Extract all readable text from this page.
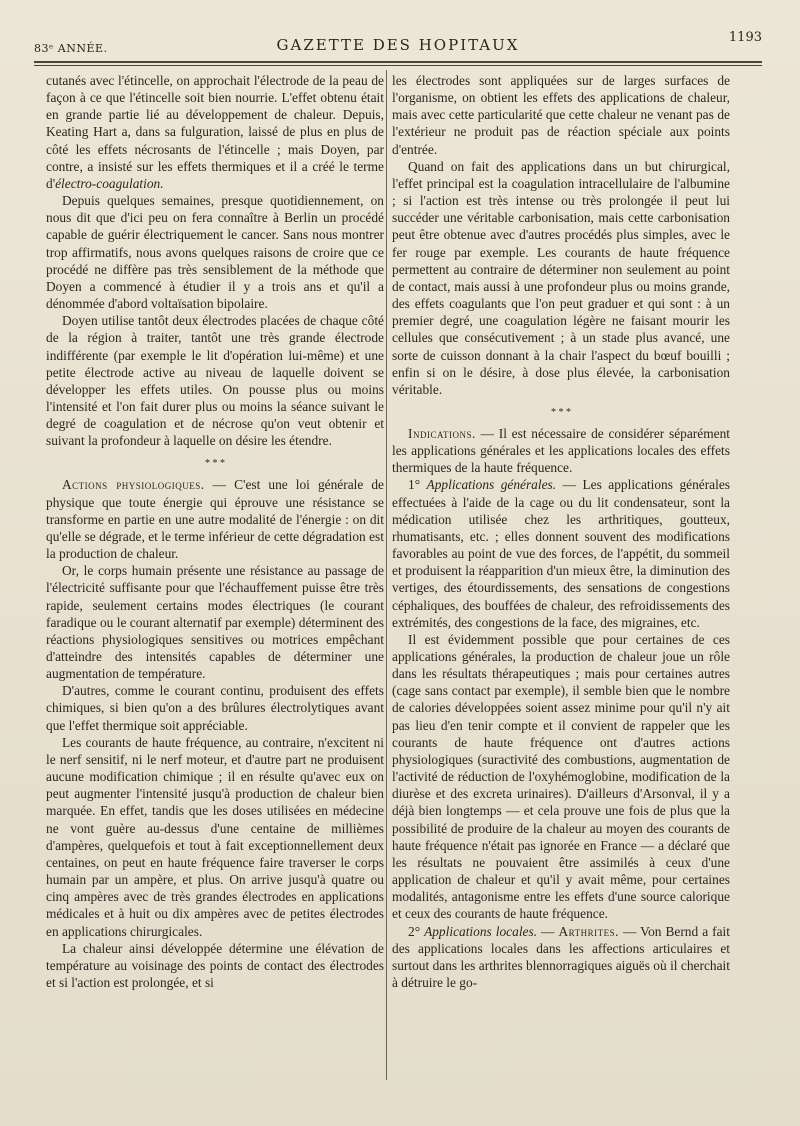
83ᵉ ANNÉE.	GAZETTE DES HOPITAUX	1193

cutanés avec l'étincelle, on approchait l'électrode de la peau de façon à ce que l'étincelle soit bien nourrie. L'effet obtenu était en grande partie lié au développement de chaleur. Depuis, Keating Hart a, dans sa fulguration, laissé de plus en plus de côté les effets nécrosants de l'étincelle ; mais Doyen, par contre, a insisté sur les effets thermiques et il a créé le terme d'électro-coagulation.

Depuis quelques semaines, presque quotidiennement, on nous dit que d'ici peu on fera connaître à Berlin un procédé capable de guérir électriquement le cancer. Sans nous montrer trop affirmatifs, nous avons quelques raisons de croire que ce procédé ne diffère pas très sensiblement de la méthode que Doyen a commencé à étudier il y a trois ans et qu'il a dénommée d'abord voltaïsation bipolaire.

Doyen utilise tantôt deux électrodes placées de chaque côté de la région à traiter, tantôt une très grande électrode indifférente (par exemple le lit d'opération lui-même) et une petite électrode active au niveau de laquelle doivent se développer les effets utiles. On pousse plus ou moins l'intensité et l'on fait durer plus ou moins la séance suivant le degré de coagulation et de nécrose qu'on veut obtenir et suivant la profondeur à laquelle on désire les étendre.

* * *

Actions physiologiques. — C'est une loi générale de physique que toute énergie qui éprouve une résistance se transforme en partie en une autre modalité de l'énergie : on dit qu'elle se dégrade, et le terme inférieur de cette dégradation est la production de chaleur.

Or, le corps humain présente une résistance au passage de l'électricité suffisante pour que l'échauffement puisse être très rapide, seulement certains modes électriques (le courant faradique ou le courant alternatif par exemple) déterminent des réactions physiologiques sensitives ou motrices empêchant d'atteindre des intensités capables de déterminer une augmentation de température.

D'autres, comme le courant continu, produisent des effets chimiques, si bien qu'on a des brûlures électrolytiques avant que l'effet thermique soit appréciable.

Les courants de haute fréquence, au contraire, n'excitent ni le nerf sensitif, ni le nerf moteur, et d'autre part ne produisent aucune modification chimique ; il en résulte qu'avec eux on peut augmenter l'intensité jusqu'à production de chaleur bien marquée. En effet, tandis que les doses utilisées en médecine ne vont guère au-dessus d'une centaine de millièmes d'ampères, quelquefois et tout à fait exceptionnellement deux centaines, on peut en haute fréquence faire traverser le corps humain par un ampère, et plus. On arrive jusqu'à quatre ou cinq ampères avec de très grandes électrodes en applications médicales et à huit ou dix ampères avec de petites électrodes en applications chirurgicales.

La chaleur ainsi développée détermine une élévation de température au voisinage des points de contact des électrodes et si l'action est prolongée, et si

les électrodes sont appliquées sur de larges surfaces de l'organisme, on obtient les effets des applications de chaleur, mais avec cette particularité que cette chaleur ne venant pas de l'extérieur ne produit pas de réaction spéciale aux points d'entrée.

Quand on fait des applications dans un but chirurgical, l'effet principal est la coagulation intracellulaire de l'albumine ; si l'action est très intense ou très prolongée il peut lui succéder une véritable carbonisation, mais cette carbonisation peut être obtenue avec d'autres procédés plus simples, avec le fer rouge par exemple. Les courants de haute fréquence permettent au contraire de déterminer non seulement au point de contact, mais aussi à une profondeur plus ou moins grande, des effets coagulants que l'on peut graduer et qui sont : à un premier degré, une coagulation légère ne faisant mourir les cellules que consécutivement ; à un stade plus avancé, une sorte de cuisson donnant à la chair l'aspect du bœuf bouilli ; enfin si on le désire, à dose plus élevée, la carbonisation véritable.

* * *

Indications. — Il est nécessaire de considérer séparément les applications générales et les applications locales des effets thermiques de la haute fréquence.

1° Applications générales. — Les applications générales effectuées à l'aide de la cage ou du lit condensateur, sont la médication utilisée chez les arthritiques, goutteux, rhumatisants, etc. ; elles donnent souvent des modifications favorables au point de vue des forces, de l'appétit, du sommeil et produisent la réapparition d'un mieux être, la diminution des vertiges, des étourdissements, des sensations de congestions céphaliques, des bouffées de chaleur, des refroidissements des extrémités, des congestions de la face, des migraines, etc.

Il est évidemment possible que pour certaines de ces applications générales, la production de chaleur joue un rôle dans les résultats thérapeutiques ; mais pour certaines autres (cage sans contact par exemple), il semble bien que le nombre de calories développées soient assez minime pour qu'il n'y ait pas lieu d'en tenir compte et il convient de rappeler que les courants de haute fréquence ont d'autres actions physiologiques (suractivité des combustions, augmentation de l'activité de réduction de l'oxyhémoglobine, modification de la diurèse et des excreta urinaires). D'ailleurs d'Arsonval, il y a déjà bien longtemps — et cela prouve une fois de plus que la possibilité de produire de la chaleur au moyen des courants de haute fréquence n'était pas ignorée en France — a déclaré que les résultats ne pouvaient être assimilés à ceux d'une application de chaleur et qu'il y avait même, pour certaines modalités, antagonisme entre les effets d'une source calorique et ceux des courants de haute fréquence.

2° Applications locales. — Arthrites. — Von Bernd a fait des applications locales dans les affections articulaires et surtout dans les arthrites blennorragiques aiguës où il cherchait à détruire le go-
